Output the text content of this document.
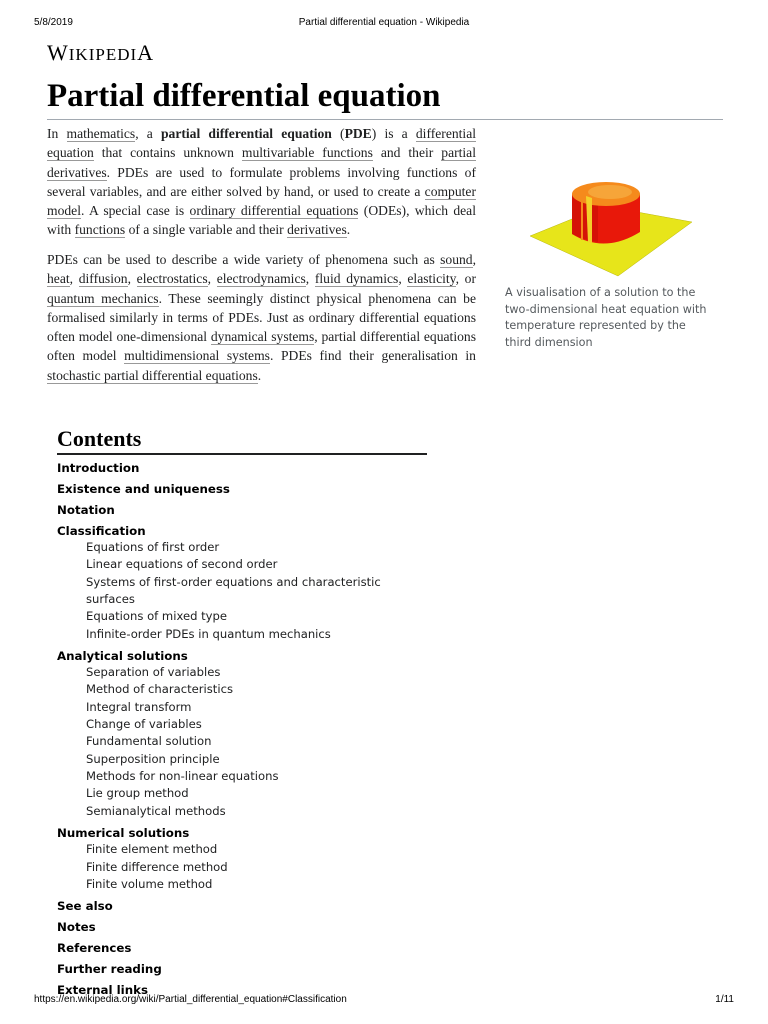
5/8/2019	Partial differential equation - Wikipedia
WIKIPEDIA
Partial differential equation

In mathematics, a partial differential equation (PDE) is a differential equation that contains unknown multivariable functions and their partial derivatives. PDEs are used to formulate problems involving functions of several variables, and are either solved by hand, or used to create a computer model. A special case is ordinary differential equations (ODEs), which deal with functions of a single variable and their derivatives.

PDEs can be used to describe a wide variety of phenomena such as sound, heat, diffusion, electrostatics, electrodynamics, fluid dynamics, elasticity, or quantum mechanics. These seemingly distinct physical phenomena can be formalised similarly in terms of PDEs. Just as ordinary differential equations often model one-dimensional dynamical systems, partial differential equations often model multidimensional systems. PDEs find their generalisation in stochastic partial differential equations.

A visualisation of a solution to the two-dimensional heat equation with temperature represented by the third dimension
Contents
Introduction
Existence and uniqueness
Notation
Classification
Equations of first order
Linear equations of second order
Systems of first-order equations and characteristic surfaces
Equations of mixed type
Infinite-order PDEs in quantum mechanics
Analytical solutions
Separation of variables
Method of characteristics
Integral transform
Change of variables
Fundamental solution
Superposition principle
Methods for non-linear equations
Lie group method
Semianalytical methods
Numerical solutions
Finite element method
Finite difference method
Finite volume method
See also
Notes
References
Further reading
External links
https://en.wikipedia.org/wiki/Partial_differential_equation#Classification	1/11
